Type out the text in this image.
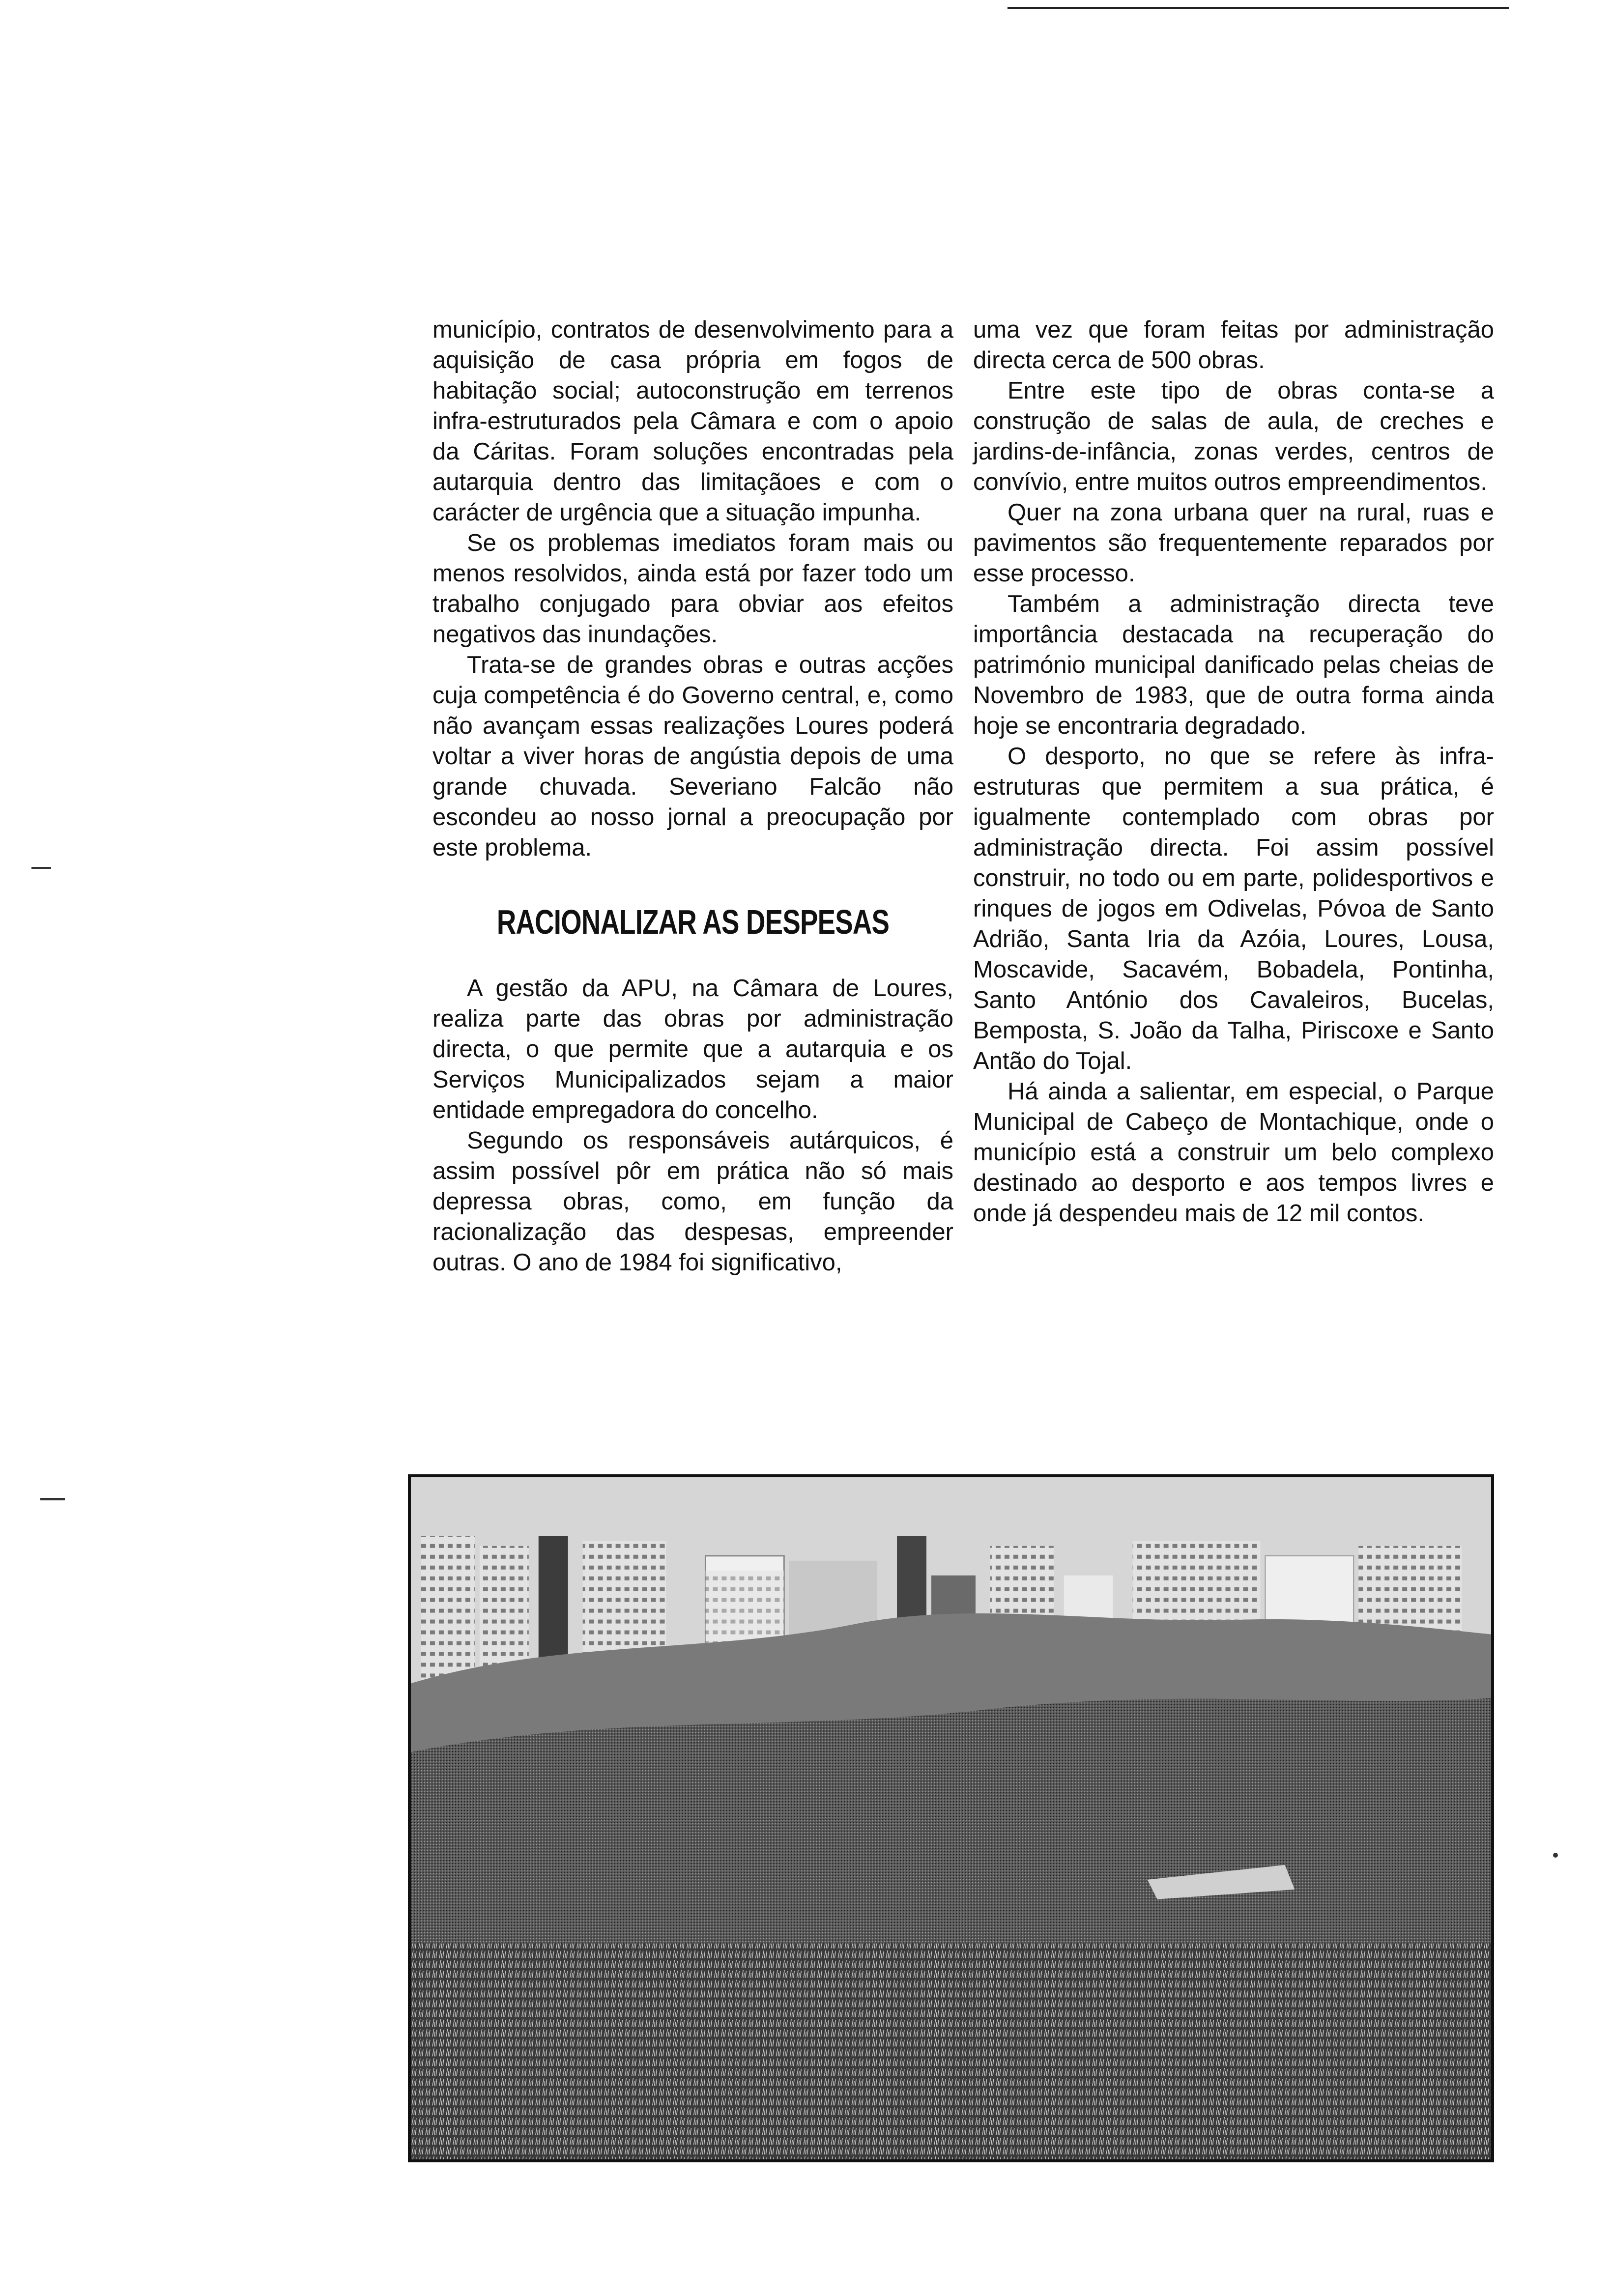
município, contratos de desenvolvimento para a aquisição de casa própria em fogos de habitação social; autoconstrução em terrenos infra-estruturados pela Câmara e com o apoio da Cáritas. Foram soluções encontradas pela autarquia dentro das limitaçãoes e com o carácter de urgência que a situação impunha.

Se os problemas imediatos foram mais ou menos resolvidos, ainda está por fazer todo um trabalho conjugado para obviar aos efeitos negativos das inundações.

Trata-se de grandes obras e outras acções cuja competência é do Governo central, e, como não avançam essas realizações Loures poderá voltar a viver horas de angústia depois de uma grande chuvada. Severiano Falcão não escondeu ao nosso jornal a preocupação por este problema.

RACIONALIZAR AS DESPESAS

A gestão da APU, na Câmara de Loures, realiza parte das obras por administração directa, o que permite que a autarquia e os Serviços Municipalizados sejam a maior entidade empregadora do concelho.

Segundo os responsáveis autárquicos, é assim possível pôr em prática não só mais depressa obras, como, em função da racionalização das despesas, empreender outras. O ano de 1984 foi significativo,

uma vez que foram feitas por administração directa cerca de 500 obras.

Entre este tipo de obras conta-se a construção de salas de aula, de creches e jardins-de-infância, zonas verdes, centros de convívio, entre muitos outros empreendimentos.

Quer na zona urbana quer na rural, ruas e pavimentos são frequentemente reparados por esse processo.

Também a administração directa teve importância destacada na recuperação do património municipal danificado pelas cheias de Novembro de 1983, que de outra forma ainda hoje se encontraria degradado.

O desporto, no que se refere às infra-estruturas que permitem a sua prática, é igualmente contemplado com obras por administração directa. Foi assim possível construir, no todo ou em parte, polidesportivos e rinques de jogos em Odivelas, Póvoa de Santo Adrião, Santa Iria da Azóia, Loures, Lousa, Moscavide, Sacavém, Bobadela, Pontinha, Santo António dos Cavaleiros, Bucelas, Bemposta, S. João da Talha, Piriscoxe e Santo Antão do Tojal.

Há ainda a salientar, em especial, o Parque Municipal de Cabeço de Montachique, onde o município está a construir um belo complexo destinado ao desporto e aos tempos livres e onde já despendeu mais de 12 mil contos.
